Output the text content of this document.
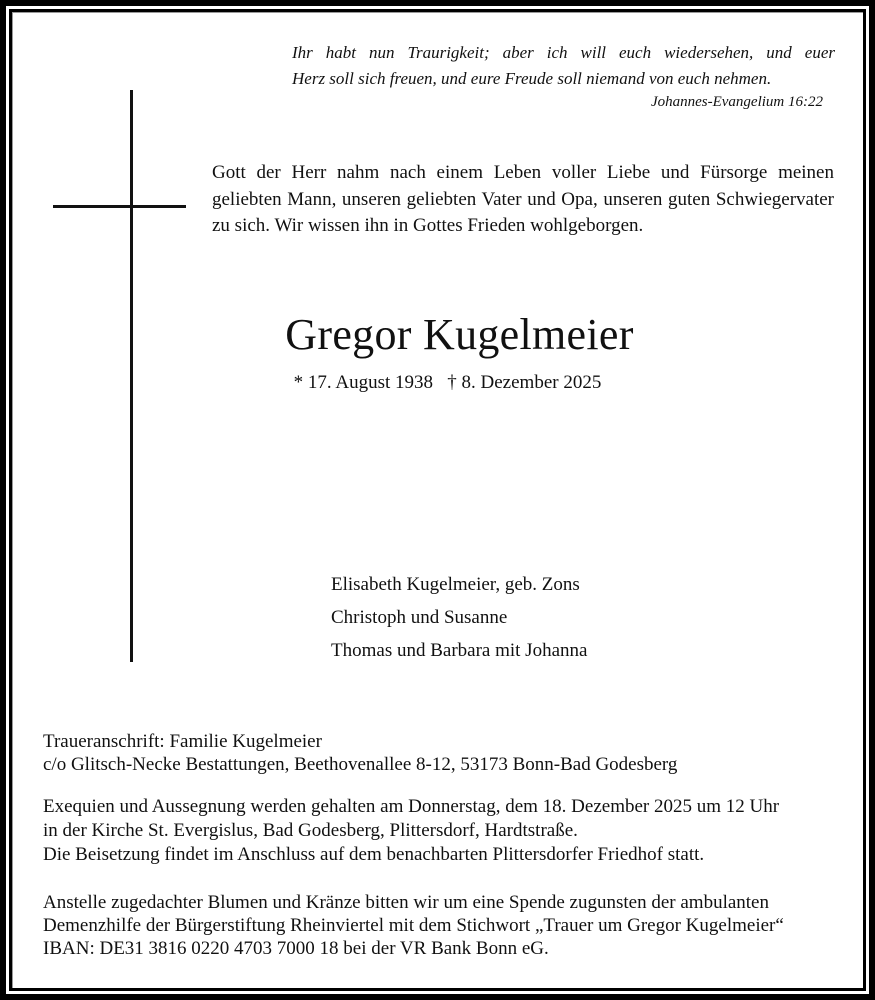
Ihr habt nun Traurigkeit; aber ich will euch wiedersehen, und euer
Herz soll sich freuen, und eure Freude soll niemand von euch nehmen.
Johannes-Evangelium 16:22

Gott der Herr nahm nach einem Leben voller Liebe und Fürsorge meinen geliebten Mann, unseren geliebten Vater und Opa, unseren guten Schwiegervater zu sich. Wir wissen ihn in Gottes Frieden wohlgeborgen.

Gregor Kugelmeier
* 17. August 1938   † 8. Dezember 2025
Elisabeth Kugelmeier, geb. Zons
Christoph und Susanne
Thomas und Barbara mit Johanna
Traueranschrift: Familie Kugelmeier
c/o Glitsch-Necke Bestattungen, Beethovenallee 8-12, 53173 Bonn-Bad Godesberg
Exequien und Aussegnung werden gehalten am Donnerstag, dem 18. Dezember 2025 um 12 Uhr
in der Kirche St. Evergislus, Bad Godesberg, Plittersdorf, Hardtstraße.
Die Beisetzung findet im Anschluss auf dem benachbarten Plittersdorfer Friedhof statt.
Anstelle zugedachter Blumen und Kränze bitten wir um eine Spende zugunsten der ambulanten
Demenzhilfe der Bürgerstiftung Rheinviertel mit dem Stichwort „Trauer um Gregor Kugelmeier“
IBAN: DE31 3816 0220 4703 7000 18 bei der VR Bank Bonn eG.
